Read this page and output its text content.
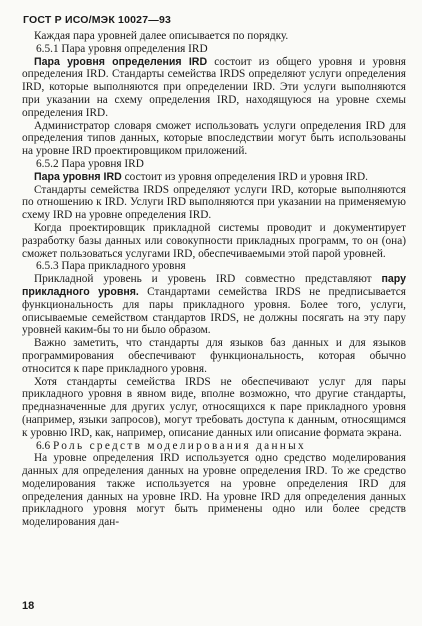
ГОСТ Р ИСО/МЭК 10027—93

Каждая пара уровней далее описывается по порядку.

6.5.1 Пара уровня определения IRD

Пара уровня определения IRD состоит из общего уровня и уровня определения IRD. Стандарты семейства IRDS определяют услуги определения IRD, которые выполняются при определении IRD. Эти услуги выполняются при указании на схему определения IRD, находящуюся на уровне схемы определения IRD.

Администратор словаря сможет использовать услуги определения IRD для определения типов данных, которые впоследствии могут быть использованы на уровне IRD проектировщиком приложений.

6.5.2 Пара уровня IRD

Пара уровня IRD состоит из уровня определения IRD и уровня IRD.

Стандарты семейства IRDS определяют услуги IRD, которые выполняются по отношению к IRD. Услуги IRD выполняются при указании на применяемую схему IRD на уровне определения IRD.

Когда проектировщик прикладной системы проводит и документирует разработку базы данных или совокупности прикладных программ, то он (она) сможет пользоваться услугами IRD, обеспечиваемыми этой парой уровней.

6.5.3 Пара прикладного уровня

Прикладной уровень и уровень IRD совместно представляют пару прикладного уровня. Стандартами семейства IRDS не предписывается функциональность для пары прикладного уровня. Более того, услуги, описываемые семейством стандартов IRDS, не должны посягать на эту пару уровней каким-бы то ни было образом.

Важно заметить, что стандарты для языков баз данных и для языков программирования обеспечивают функциональность, которая обычно относится к паре прикладного уровня.

Хотя стандарты семейства IRDS не обеспечивают услуг для пары прикладного уровня в явном виде, вполне возможно, что другие стандарты, предназначенные для других услуг, относящихся к паре прикладного уровня (например, языки запросов), могут требовать доступа к данным, относящимся к уровню IRD, как, например, описание данных или описание формата экрана.

6.6 Роль средств моделирования данных

На уровне определения IRD используется одно средство моделирования данных для определения данных на уровне определения IRD. То же средство моделирования также используется на уровне определения IRD для определения данных на уровне IRD. На уровне IRD для определения данных прикладного уровня могут быть применены одно или более средств моделирования дан-

18
